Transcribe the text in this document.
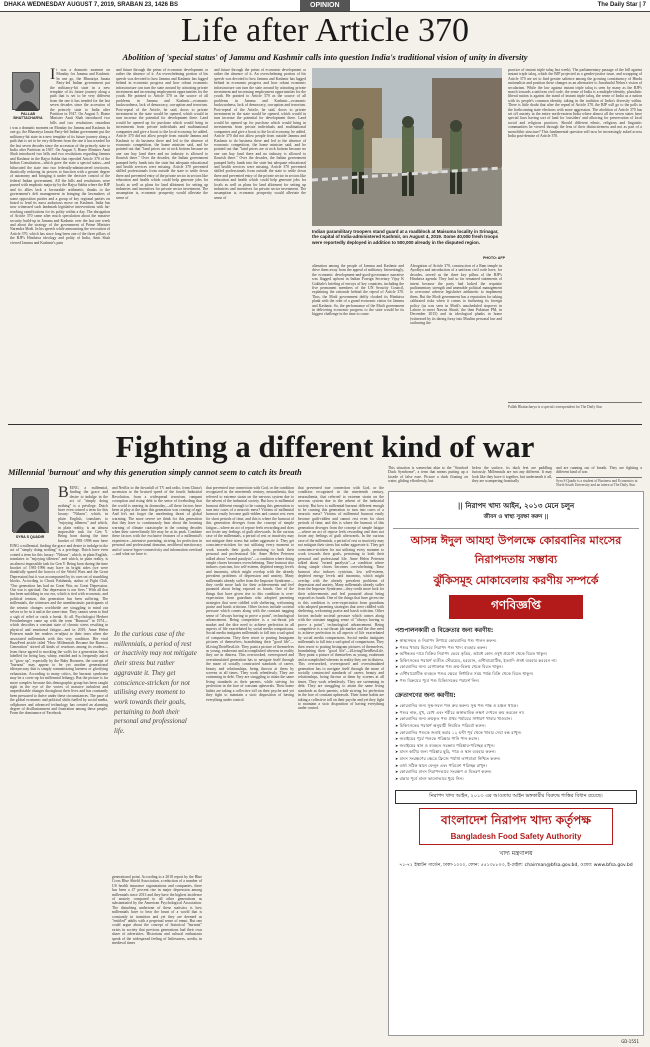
DHAKA WEDNESDAY AUGUST 7, 2019, SRABAN 23, 1426 BS	OPINION	The Daily Star | 7
Life after Article 370
Abolition of 'special status' of Jammu and Kashmir calls into question India's traditional vision of unity in diversity
PALLAB BHATTACHARYA
It was a dramatic moment on Monday for Jammu and Kashmir. In one go, the Bharatiya Janata Party-led Indian government put the militancy-hit state in a new template of its future journey along a path that is set to be very different from the one it has treaded for the last seven decades since the accession of the princely state to India after Partition in 1947. On August 5, Home Minister Amit Shah introduced two bills and two resolutions regarding
t was a dramatic moment on Monday for Jammu and Kashmir. In one go, the Bharatiya Janata Party-led Indian government put the militancy-hit state in a new template of its future journey along a path that is set to be very different from the one it has treaded for the last seven decades since the accession of the princely state to India after Partition in 1947. On August 5, Home Minister Amit Shah introduced two bills and two resolutions regarding Jammu and Kashmir in the Rajya Sabha that repealed Article 370 of the Indian Constitution—which gave the state a special status—and bifurcated the state into two federally-administered territories, drastically reducing its powers to function with a greater degree of autonomy and bringing it under the decisive control of the federal Indian government. All the bills and resolutions were passed with emphatic majority by the Rajya Sabha where the BJP and its allies lack a favourable arithmetic, thanks to the government's deft management in bringing the lawmakers of some opposition parties and a group of key regional parties on board to lend its most audacious move on Kashmir. India has now witnessed such landmark legislative interventions with far-reaching ramifications for its polity within a day. The abrogation of Article 370 came after much speculation about the massive security build-up in Jammu and Kashmir over the last one week and about the strategy of the government of Prime Minister Narendra Modi. In his speech while announcing the revocation of Article 370, which has since long been one of the three pillars of the BJP's Hindutva ideology and polity of India, Amit Shah viewed Jammu and Kashmir's pain
and future through the prism of economic development or rather the absence of it. An overwhelming portion of his speech was devoted to how Jammu and Kashmir has lagged behind in economic progress and how robust economic infrastructure can turn the state around by attracting private investment and increasing employment opportunities for the youth. He pointed to Article 370 as the source of all problems in Jammu and Kashmir—economic backwardness, lack of democracy, corruption and terrorism. Post-repeal of the Article, he said, doors to private investment in the state would be opened, which would in turn increase the potential for development there. Land would be opened up for purchase which would bring in investments from private individuals and multinational companies and give a boost to the local economy, he added. Article 370 did not allow people from outside Jammu and Kashmir to do business there and led to the absence of economic competition, the home minister said, and he pointed out that "land prices are at rock bottom because no one can buy land there and no industry is allowed to flourish there." Over the decades, the Indian government pumped hefty funds into the state but adequate educational and health services were missing. Article 370 prevented skilled professionals from outside the state to settle down there and prevented entry of the private sector in sectors like education and health which could help generate jobs for locals as well as plans for land allotment for setting up industries and incentives for private sector investment. The assumption is, economic prosperity would alleviate the sense of
and future through the prism of economic development or rather the absence of it. An overwhelming portion of his speech was devoted to how Jammu and Kashmir has lagged behind in economic progress and how robust economic infrastructure can turn the state around by attracting private investment and increasing employment opportunities for the youth. He pointed to Article 370 as the source of all problems in Jammu and Kashmir—economic backwardness, lack of democracy, corruption and terrorism. Post-repeal of the Article, he said, doors to private investment in the state would be opened, which would in turn increase the potential for development there. Land would be opened up for purchase which would bring in investments from private individuals and multinational companies and give a boost to the local economy, he added. Article 370 did not allow people from outside Jammu and Kashmir to do business there and led to the absence of economic competition, the home minister said, and he pointed out that "land prices are at rock bottom because no one can buy land there and no industry is allowed to flourish there." Over the decades, the Indian government pumped hefty funds into the state but adequate educational and health services were missing. Article 370 prevented skilled professionals from outside the state to settle down there and prevented entry of the private sector in sectors like education and health which could help generate jobs for locals as well as plans for land allotment for setting up industries and incentives for private sector investment. The assumption is, economic prosperity would alleviate the sense of
Indian paramilitary troopers stand guard at a roadblock at Maisuma locality in Srinagar, the capital of India-administered Kashmir, on August 4, 2019. Some 40,000 fresh troops were reportedly deployed in addition to 500,000 already in the disputed region.
PHOTO: AFP
alienation among the people of Jammu and Kashmir and drive them away from the appeal of militancy. Interestingly, the economic development-and-good-governance narrative was flagged upfront in Indian Foreign Secretary Vijay K Gokhale's briefing of envoys of key countries, including the five permanent members of the UN Security Council, explaining the rationale behind the repeal of Article 370. Thus, the Modi government deftly cloaked its Hindutva plank with the robe of a grand economic vision for Jammu and Kashmir. So, the performance of the Modi government in delivering economic progress to the state would be its biggest challenge in the time to come.
Abrogation of Article 370, construction of a Ram temple in Ayodhya and introduction of a uniform civil code have, for decades, served as the three key pillars of the BJP's Hindutva agenda. They had so far remained statements of intent because the party had lacked the requisite parliamentary strength and amenable political management to overcome adverse legislative arithmetic to implement them. But the Modi government has a reputation for taking calibrated risks when it comes to furthering its foreign policy (as was seen in Modi's unscheduled stopover in Lahore to meet Nawaz Sharif, the then Pakistan PM, in December 2015) and its ideological planks in home (witnessed by its daring foray into Muslim personal law and outlawing the
practice of instant triple talaq last week). The parliamentary passage of the bill against instant triple talaq, which the BJP projected as a gender-justice issue, and scrapping of Article 370 are set to find greater salience among the growing constituency of Hindu nationalists and position these changes as an alternative to Jawaharlal Nehru's vision of secularism. While the law against instant triple talaq is seen by many as the BJP's march towards a uniform civil code, the sense of India is a multiple-identity, pluralistic liberal nation is against the stand of instant triple talaq, the sense of India as a nation with its people's common identity, taking in the tradition of India's diversity within. There is little doubt that after the repeal of Article 370, the BJP will go to the polls in the forthcoming state elections with more aggression. The abolition of Article 370 has set off anxiety in the entire north-eastern India where almost all the seven states have special laws having sort of land for 'outsiders' and allowing for preservation of local social and religious practices. Should different ethnic, religious and linguistic communities be viewed through the lens of their distinctiveness and not as part of a monolithic structure? This fundamental question will now be increasingly asked across India post-demise of Article 370.
Pallab Bhattacharya is a special correspondent for The Daily Star.
Fighting a different kind of war
Millennial 'burnout' and why this generation simply cannot seem to catch its breath
SYRA S QUADIR
BEING a millennial, finding the grace and desire to indulge in the act of "simply doing nothing" is a privilege. Dutch have even coined a term for this luxury: "Niksen", which, in plain English, translates to "enjoying idleness" and which, in plain reality, is an almost impossible task for Gen Y. Being born during the time bracket of 1981-1996 may have
EING a millennial, finding the grace and desire to indulge in the act of "simply doing nothing" is a privilege. Dutch have even coined a term for this luxury: "Niksen", which, in plain English, translates to "enjoying idleness" and which, in plain reality, is an almost impossible task for Gen Y. Being born during the time bracket of 1981-1996 may have its bright sides (we were thankfully spared the horrors of the World Wars and the Great Depression) but it was accompanied by its own set of stumbling blocks. According to Chuck Palahniuk, author of Fight Club, "Our generation has had no Great War, no Great Depression. Our war is spiritual. Our depression is our lives." With all that has been unfolding in our era, which is tied with economic, and political tension, this generation has been suffering. The millennials, the witnesses and the unenthusiastic participants of the seismic changes worldwide are struggling to mind our selves to be in it and at the same time. They cannot seem to find a sigh of relief or catch a break. At all. Psychologist Herbert Freudenberger came up with the term "Burnout" in 1974—which describes a constant state of chronic stress resulting in physical and emotional fatigue—and in 2019, Anne Helen Petersen made her readers re-adjust to their tears when she associated millennials with this very condition. Her viral BuzzFeed article titled "How Millennials Became the Burnout Generation" stirred all kinds of reactions among its readers—from those agreed to mocking the wolfs for a generation that is labelled for being lazy, whiny, entitled and is frequently asked to "grow up", especially by the Baby Boomers, the concept of "burnout" may appear to be yet another generational idiosyncrasy that is simply romanticizing laziness or glorifying exhaustion. According to many critics, the burnout syndrome may be a cover-up for millennial lethargy. But the picture is far more complex because this demographic group has been caught right in the eye of the vortex of massive turbulent and unpredictable changes throughout their lives and has constantly been pressured to thrive under these circumstances. The pace of the global economic and political shifts fuelled by social media, cellphones and advanced technology has created an alarming degree of disillusionment and frustration among these people. From the dominance of Facebook
and Netflix to the downfall of TV and radio, from China's ascension to the bruised speed of the fourth Industrial Revolution, from a widespread terrorism, rampant corruption and rising debt to the sense of foreboding that the world is nearing its doomsday—all these factors have been at play at the time this generation was coming of age. And let's not forget the unrelenting threat of global warming. The more severe we think for this generation that they have to continuously hear about the looming warning of climate catastrophe in the coming decades when their career/family life may be at its peak. Combine these factors with the exclusive features of a millennial's experience—intensive parenting, striving for perfection in personal and professional domains, neoliberal meritocracy and of course hyper-connectivity and information overload—and what we have is
In the curious case of the millennials, a period of rest or inactivity may not mitigate their stress but rather aggravate it. They get conscience-stricken for not utilising every moment to work towards their goals, pertaining to both their personal and professional life.
generational point. According to a 2018 report by the Blue Cross Blue Shield Association, a reduction of a number of US health insurance organizations and companies, there has been a 47 percent rise in major depression among millennials since 2013 and they have the highest incidence of anxiety compared to all other generations as substantiated by the American Psychological Association. The disturbing undertone of these statistics is how millennials have to bear the brunt of a world that is constantly in transition and yet they are deemed as "entitled" adults with a perpetual sense of ennui. But one could argue about the concept of historical "burnout" exists in society that previous generations had their own share of adversities. Historians and cultural enthusiasts speak of the widespread feeling of listlessness, acedia, in medieval times
that prevented true connection with God, or the condition recognized in the nineteenth century, neurasthenia, that referred to extreme strain on the nervous system due to the advent of the industrial society. But how is millennial burnout different enough to be causing this generation to turn into cases of a neurotic mess? Victims of millennial burnout easily become guilt-ridden and cannot rest even for short periods of time, and this is where the burnout of this generation diverges from the concept of simple fatigue—where an act of repose feels rewarding and does not foster any feelings of guilt afterwards. In the curious case of the millennials, a period of rest or inactivity may not mitigate their stress but rather aggravate it. They get conscience-stricken for not utilizing every moment to work towards their goals, pertaining to both their personal and professional life. Anne Helen Petersen talked about "errand paralysis"—a condition where doing simple chores becomes overwhelming. Time burnout also induces cynicism, low self-esteem, depleted energy levels and insomnia, which might overlap with the already prevalent problems of depression and anxiety. Many millennials already suffer from the Imposter Syndrome—they credit more luck for their achievements and feel paranoid about being exposed as frauds. One of the things that have given rise to this condition is over-expectation from guardians who adopted parenting strategies that were riddled with sheltering, welcoming praise and harsh criticism. Other factors include societal pressure which comes along with the constant nagging sense of "always having to prove a point", technological advancement. Being competitive is a cut-throat job market and the dire need to achieve perfection in all aspects of life exacerbated by social media comparisons. Social media instigates millennials to fall into a sad spiral of comparisons. They then resort to posting Instagram pictures of themselves, brandishing their "good life"—#LivingTheirBestLife. They paint a picture of themselves as young, exuberant and accomplished whereas in reality they are in distress. This overworked, overexposed and overstimulated generation has to navigate itself through the maze of socially constructed standards of career, beauty and relationships, being thrown at them by screens at all times. They work relentlessly. They are swimming in debt. They are struggling to attain the same living standards as their parents, while striving for perfection in the face of constant upheavals. Their home habits are taking a collective toll on their psyche and yet they fight to maintain a stoic disposition of having everything under control.
that prevented true connection with God, or the condition recognized in the nineteenth century, neurasthenia, that referred to extreme strain on the nervous system due to the advent of the industrial society. But how is millennial burnout different enough to be causing this generation to turn into cases of a neurotic mess? Victims of millennial burnout easily become guilt-ridden and cannot rest even for short periods of time, and this is where the burnout of this generation diverges from the concept of simple fatigue—where an act of repose feels rewarding and does not foster any feelings of guilt afterwards. In the curious case of the millennials, a period of rest or inactivity may not mitigate their stress but rather aggravate it. They get conscience-stricken for not utilizing every moment to work towards their goals, pertaining to both their personal and professional life. Anne Helen Petersen talked about "errand paralysis"—a condition where doing simple chores becomes overwhelming. Time burnout also induces cynicism, low self-esteem, depleted energy levels and insomnia, which might overlap with the already prevalent problems of depression and anxiety. Many millennials already suffer from the Imposter Syndrome—they credit more luck for their achievements and feel paranoid about being exposed as frauds. One of the things that have given rise to this condition is over-expectation from guardians who adopted parenting strategies that were riddled with sheltering, welcoming praise and harsh criticism. Other factors include societal pressure which comes along with the constant nagging sense of "always having to prove a point", technological advancement. Being competitive is a cut-throat job market and the dire need to achieve perfection in all aspects of life exacerbated by social media comparisons. Social media instigates millennials to fall into a sad spiral of comparisons. They then resort to posting Instagram pictures of themselves, brandishing their "good life"—#LivingTheirBestLife. They paint a picture of themselves as young, exuberant and accomplished whereas in reality they are in distress. This overworked, overexposed and overstimulated generation has to navigate itself through the maze of socially constructed standards of career, beauty and relationships, being thrown at them by screens at all times. They work relentlessly. They are swimming in debt. They are struggling to attain the same living standards as their parents, while striving for perfection in the face of constant upheavals. Their home habits are taking a collective toll on their psyche and yet they fight to maintain a stoic disposition of having everything under control.
This situation is somewhat akin to the "Stanford Duck Syndrome", a term that means putting up a facade of false ease. Picture a duck floating on water, gliding effortlessly, but
below the surface, its duck feet are paddling furiously. Millennials are not any different. It may look like they have it together, but underneath it all, they are scampering frantically
and are running out of breath. They are fighting a different kind of war.
Syra S Quadir is a student of Business and Economics at North South University and an intern at The Daily Star.
|| নিরাপদ খাদ্য আইন, ২০১৩ মেনে চলুন
জীবন ও স্বাস্থ্য সুরক্ষা করুন ||
আসন্ন ঈদুল আযহা উপলক্ষে কোরবানির মাংসের নিরাপদতায় সম্ভাব্য
ঝুঁকিসমূহ মোকাবেলায় করণীয় সম্পর্কে
গণবিজ্ঞপ্তি
পশুপালনকারী ও বিক্রেতার জন্য করণীয়:
➤ স্বাস্থ্যসম্মত ও নিরাপদ উপায়ে কোরবানির পশু পালন করুন।
➤ পশুর খাবার হিসেবে নিরাপদ পশু খাদ্য ব্যবহার করুন।
➤ অধিকতর দামে বিক্রির নিরাপদ ভেবে কৃত্রিম, অবৈধ কোন ওষুধ প্রয়োগ থেকে বিরত থাকুন।
➤ চিকিৎসকের পরামর্শ ব্যতীত স্টেরয়েড, হরমোন, এন্টিবায়োটিক, ইত্যাদি ঔষধ ব্যবহার করবেন না।
➤ কোরবানির জন্য রোগাক্রান্ত পশু ক্রয়-বিক্রয় থেকে বিরত থাকুন।
➤ এন্টিবায়োটিক ব্যবহৃত পশুর ক্ষেত্রে নির্ধারিত সময় পর্যন্ত বিক্রি থেকে বিরত থাকুন।
➤ পশু বিক্রয়ের পূর্বে পশু চিকিৎসকের পরামর্শ নিন।
ক্রেতাগণের জন্য করণীয়:
➤ কোরবানির জন্য সুস্থ-সবল পশু ক্রয় করুন। সুস্থ পশু শান্ত ও চঞ্চল থাকে।
➤ পশুর নাক, মুখ, চোখ এবং শরীরে অস্বাভাবিক লক্ষণ দেখলে ক্রয় করবেন না।
➤ কোরবানির জন্য ক্রয়কৃত পশু প্রথম পর্যায়ের সাধারণ খাবার খাওয়ান।
➤ চিকিৎসকের পরামর্শ অনুযায়ী নিয়মিত পরিচর্যা করুন।
➤ কোরবানির পশুকে জবাই করার ১২ ঘণ্টা পূর্ব থেকে খাবার দেয়া বন্ধ রাখুন।
➤ জবাইয়ের পূর্বে পশুকে পরিষ্কার পানি পান করান।
➤ জবাইয়ের স্থান ও ব্যবহৃত সরঞ্জাম পরিষ্কার-পরিচ্ছন্ন রাখুন।
➤ মাংস কাটার জন্য পরিষ্কার ছুরি, পাত্র ও স্থান ব্যবহার করুন।
➤ মাংস সংরক্ষণের ক্ষেত্রে ফ্রিজে পর্যাপ্ত তাপমাত্রা নিশ্চিত করুন।
➤ বর্জ্য সঠিক স্থানে ফেলুন এবং পরিবেশ পরিচ্ছন্ন রাখুন।
➤ কোরবানির মাংস নিরাপদভাবে সংরক্ষণ ও বিতরণ করুন।
➤ রান্নার পূর্বে মাংস ভালোভাবে ধুয়ে নিন।
নিরাপদ খাদ্য আইন, ২০১৩ এর আওতায় আইন ভঙ্গকারীর বিরুদ্ধে শাস্তির বিধান রয়েছে।
বাংলাদেশ নিরাপদ খাদ্য কর্তৃপক্ষ
Bangladesh Food Safety Authority
খাদ্য মন্ত্রণালয়
৭১-৭২ ইস্কাটন গার্ডেন, ঢাকা-১০০০, ফোন: ৫৫১৩৮৮০৩, ই-মেইল: chairman@bfsa.gov.bd, ওয়েব: www.bfsa.gov.bd
GD-1551
